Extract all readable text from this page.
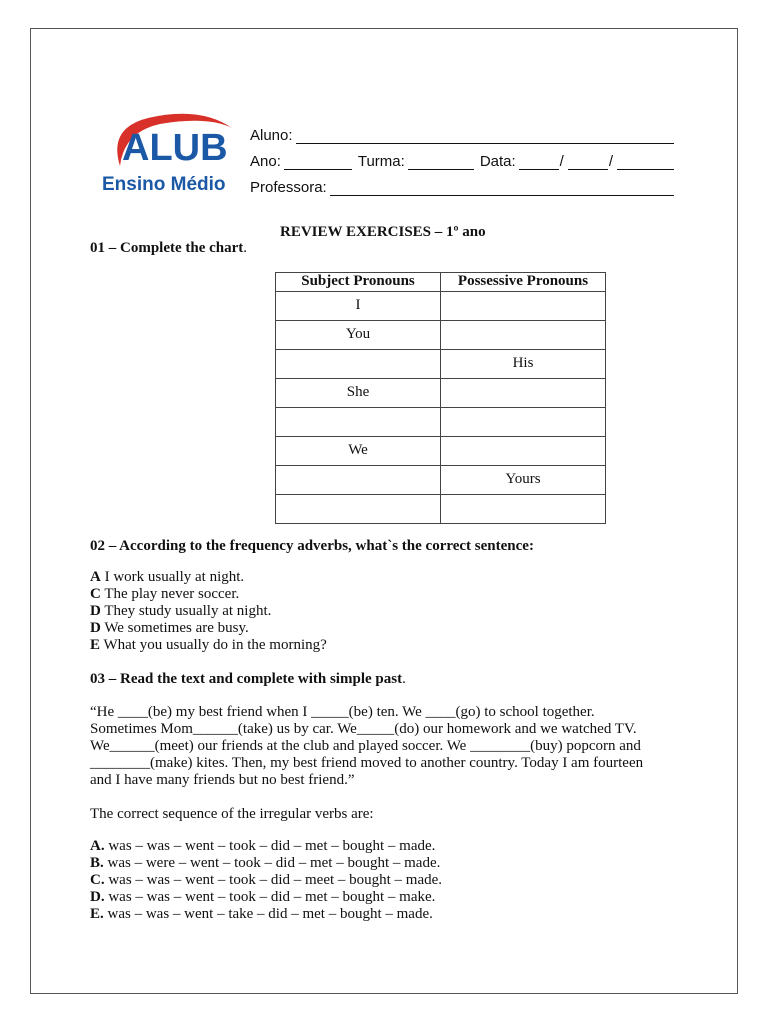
ALUB
Ensino Médio
Aluno:
Ano:	Turma:	Data:	/	/
Professora:
REVIEW EXERCISES – 1º ano
01 – Complete the chart.
Subject Pronouns	Possessive Pronouns
I	
You	
	His
She	

We	
	Yours

02 – According to the frequency adverbs, what`s the correct sentence:

A I work usually at night.

C The play never soccer.

D They study usually at night.

D We sometimes are busy.

E What you usually do in the morning?

03 – Read the text and complete with simple past.

“He ____(be) my best friend when I _____(be) ten. We ____(go) to school together.

Sometimes Mom______(take) us by car. We_____(do) our homework and we watched TV.

We______(meet) our friends at the club and played soccer. We ________(buy) popcorn and

________(make) kites. Then, my best friend moved to another country. Today I am fourteen

and I have many friends but no best friend.”

The correct sequence of the irregular verbs are:

A. was – was – went – took – did – met – bought – made.

B. was – were – went – took – did – met – bought – made.

C. was – was – went – took – did – meet – bought – made.

D. was – was – went – took – did – met – bought – make.

E. was – was – went – take – did – met – bought – made.
